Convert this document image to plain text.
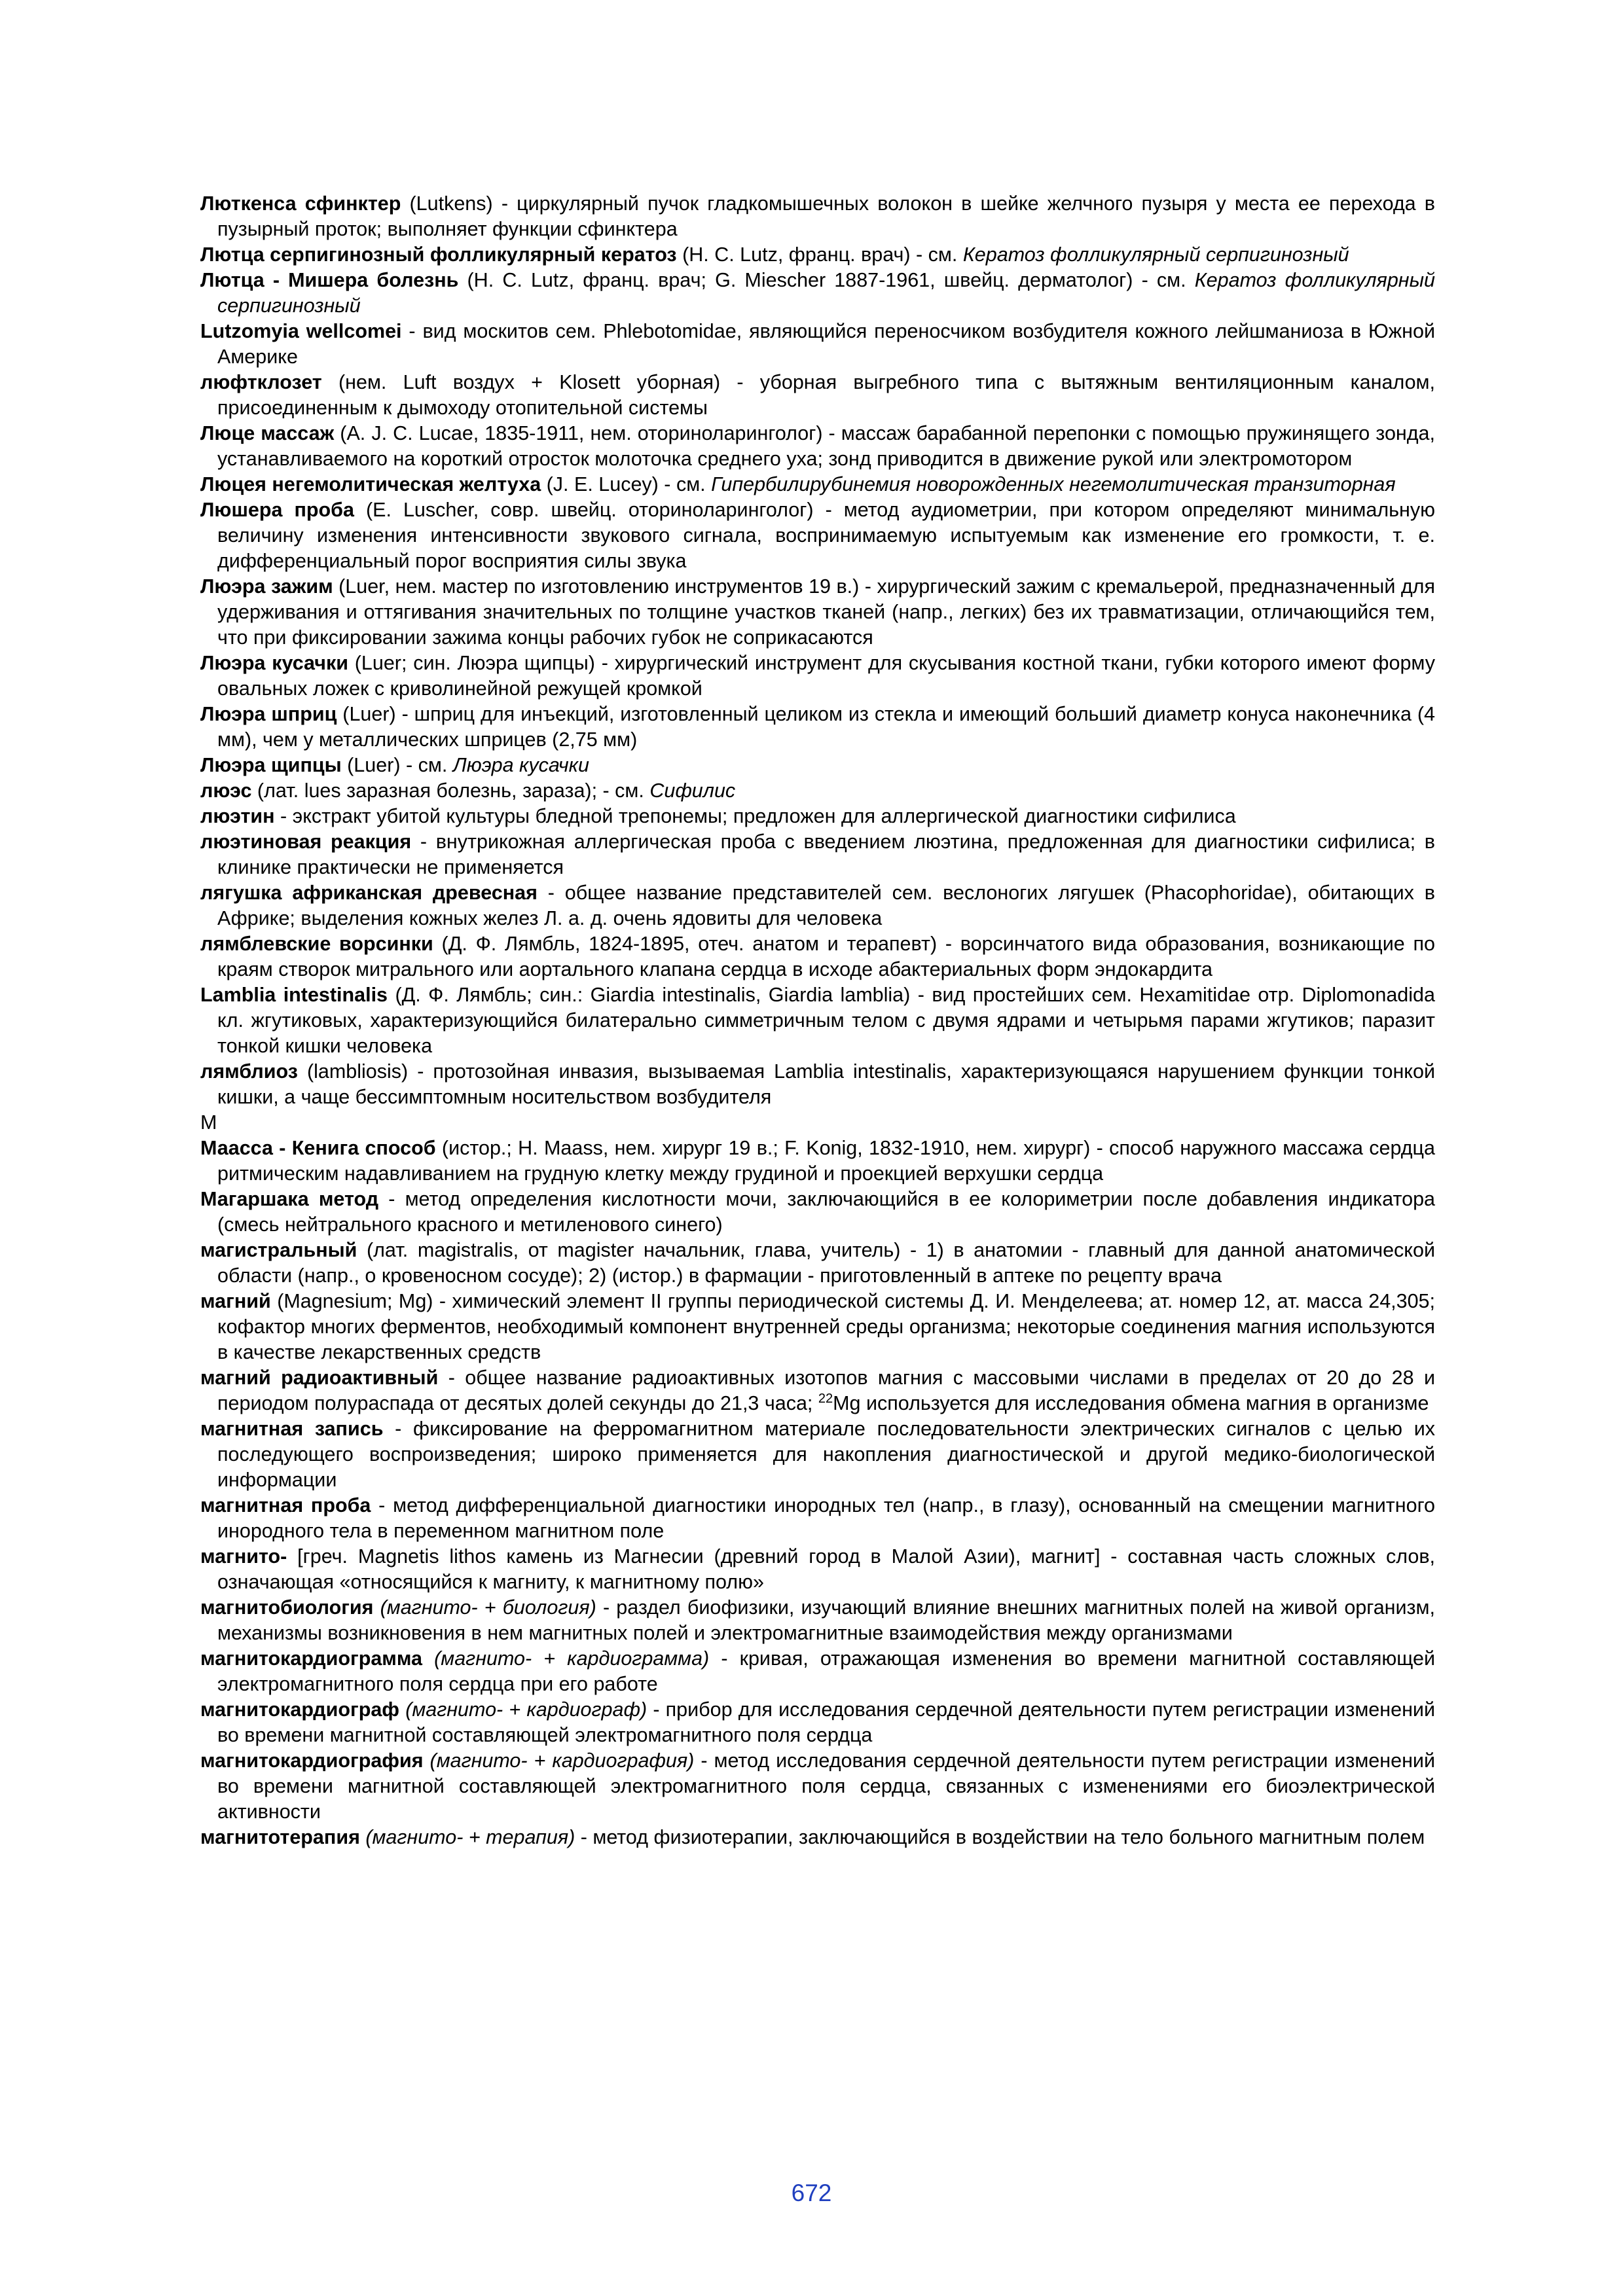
Люткенса сфинктер (Lutkens) - циркулярный пучок гладкомышечных волокон в шейке желчного пузыря у места ее перехода в пузырный проток; выполняет функции сфинктера

Лютца серпигинозный фолликулярный кератоз (H. C. Lutz, франц. врач) - см. Кератоз фолликулярный серпигинозный

Лютца - Мишера болезнь (H. C. Lutz, франц. врач; G. Miescher 1887-1961, швейц. дерматолог) - см. Кератоз фолликулярный серпигинозный

Lutzomyia wellcomei - вид москитов сем. Phlebotomidae, являющийся переносчиком возбудителя кожного лейшманиоза в Южной Америке

люфтклозет (нем. Luft воздух + Klosett уборная) - уборная выгребного типа с вытяжным вентиляционным каналом, присоединенным к дымоходу отопительной системы

Люце массаж (A. J. C. Lucae, 1835-1911, нем. оториноларинголог) - массаж барабанной перепонки с помощью пружинящего зонда, устанавливаемого на короткий отросток молоточка среднего уха; зонд приводится в движение рукой или электромотором

Люцея негемолитическая желтуха (J. E. Lucey) - см. Гипербилирубинемия новорожденных негемолитическая транзиторная

Люшера проба (E. Luscher, совр. швейц. оториноларинголог) - метод аудиометрии, при котором определяют минимальную величину изменения интенсивности звукового сигнала, воспринимаемую испытуемым как изменение его громкости, т. е. дифференциальный порог восприятия силы звука

Люэра зажим (Luer, нем. мастер по изготовлению инструментов 19 в.) - хирургический зажим с кремальерой, предназначенный для удерживания и оттягивания значительных по толщине участков тканей (напр., легких) без их травматизации, отличающийся тем, что при фиксировании зажима концы рабочих губок не соприкасаются

Люэра кусачки (Luer; син. Люэра щипцы) - хирургический инструмент для скусывания костной ткани, губки которого имеют форму овальных ложек с криволинейной режущей кромкой

Люэра шприц (Luer) - шприц для инъекций, изготовленный целиком из стекла и имеющий больший диаметр конуса наконечника (4 мм), чем у металлических шприцев (2,75 мм)

Люэра щипцы (Luer) - см. Люэра кусачки

люэс (лат. lues заразная болезнь, зараза); - см. Сифилис

люэтин - экстракт убитой культуры бледной трепонемы; предложен для аллергической диагностики сифилиса

люэтиновая реакция - внутрикожная аллергическая проба с введением люэтина, предложенная для диагностики сифилиса; в клинике практически не применяется

лягушка африканская древесная - общее название представителей сем. веслоногих лягушек (Phacophoridae), обитающих в Африке; выделения кожных желез Л. а. д. очень ядовиты для человека

лямблевские ворсинки (Д. Ф. Лямбль, 1824-1895, отеч. анатом и терапевт) - ворсинчатого вида образования, возникающие по краям створок митрального или аортального клапана сердца в исходе абактериальных форм эндокардита

Lamblia intestinalis (Д. Ф. Лямбль; син.: Giardia intestinalis, Giardia lamblia) - вид простейших сем. Hexamitidae отр. Diplomonadida кл. жгутиковых, характеризующийся билатерально симметричным телом с двумя ядрами и четырьмя парами жгутиков; паразит тонкой кишки человека

лямблиоз (lambliosis) - протозойная инвазия, вызываемая Lamblia intestinalis, характеризующаяся нарушением функции тонкой кишки, а чаще бессимптомным носительством возбудителя

М

Маасса - Кенига способ (истор.; H. Maass, нем. хирург 19 в.; F. Konig, 1832-1910, нем. хирург) - способ наружного массажа сердца ритмическим надавливанием на грудную клетку между грудиной и проекцией верхушки сердца

Магаршака метод - метод определения кислотности мочи, заключающийся в ее колориметрии после добавления индикатора (смесь нейтрального красного и метиленового синего)

магистральный (лат. magistralis, от magister начальник, глава, учитель) - 1) в анатомии - главный для данной анатомической области (напр., о кровеносном сосуде); 2) (истор.) в фармации - приготовленный в аптеке по рецепту врача

магний (Magnesium; Mg) - химический элемент II группы периодической системы Д. И. Менделеева; ат. номер 12, ат. масса 24,305; кофактор многих ферментов, необходимый компонент внутренней среды организма; некоторые соединения магния используются в качестве лекарственных средств

магний радиоактивный - общее название радиоактивных изотопов магния с массовыми числами в пределах от 20 до 28 и периодом полураспада от десятых долей секунды до 21,3 часа; $^{22}$Mg используется для исследования обмена магния в организме

магнитная запись - фиксирование на ферромагнитном материале последовательности электрических сигналов с целью их последующего воспроизведения; широко применяется для накопления диагностической и другой медико-биологической информации

магнитная проба - метод дифференциальной диагностики инородных тел (напр., в глазу), основанный на смещении магнитного инородного тела в переменном магнитном поле

магнито- [греч. Magnetis lithos камень из Магнесии (древний город в Малой Азии), магнит] - составная часть сложных слов, означающая «относящийся к магниту, к магнитному полю»

магнитобиология (магнито- + биология) - раздел биофизики, изучающий влияние внешних магнитных полей на живой организм, механизмы возникновения в нем магнитных полей и электромагнитные взаимодействия между организмами

магнитокардиограмма (магнито- + кардиограмма) - кривая, отражающая изменения во времени магнитной составляющей электромагнитного поля сердца при его работе

магнитокардиограф (магнито- + кардиограф) - прибор для исследования сердечной деятельности путем регистрации изменений во времени магнитной составляющей электромагнитного поля сердца

магнитокардиография (магнито- + кардиография) - метод исследования сердечной деятельности путем регистрации изменений во времени магнитной составляющей электромагнитного поля сердца, связанных с изменениями его биоэлектрической активности

магнитотерапия (магнито- + терапия) - метод физиотерапии, заключающийся в воздействии на тело больного магнитным полем

672
